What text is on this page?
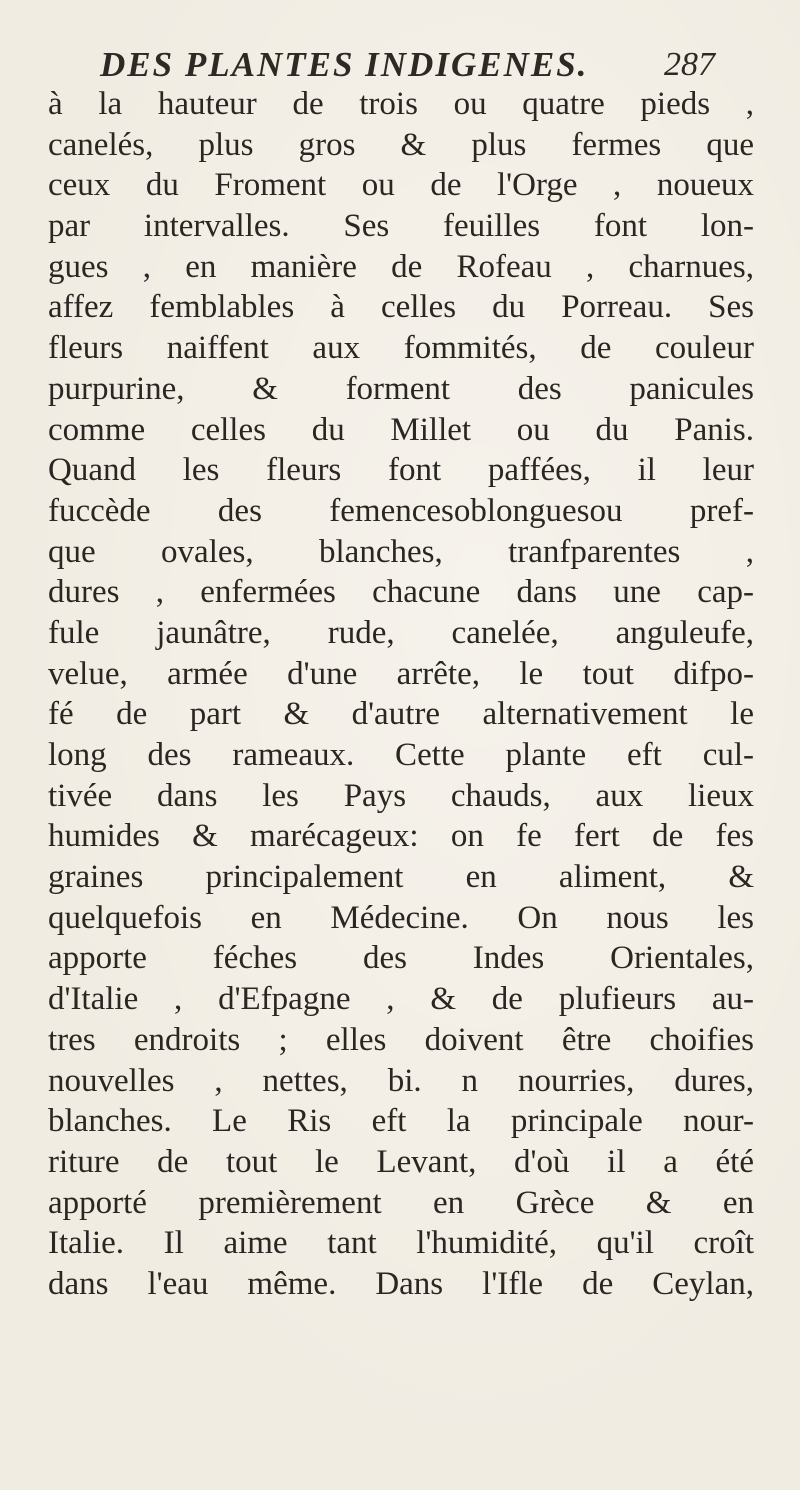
DES PLANTES INDIGENES. 287
à la hauteur de trois ou quatre pieds ,
canelés, plus gros & plus fermes que
ceux du Froment ou de l'Orge , noueux
par intervalles. Ses feuilles font lon-
gues , en manière de Rofeau , charnues,
affez femblables à celles du Porreau. Ses
fleurs naiffent aux fommités, de couleur
purpurine, & forment des panicules
comme celles du Millet ou du Panis.
Quand les fleurs font paffées, il leur
fuccède des femencesoblonguesou pref-
que ovales, blanches, tranfparentes ,
dures , enfermées chacune dans une cap-
fule jaunâtre, rude, canelée, anguleufe,
velue, armée d'une arrête, le tout difpo-
fé de part & d'autre alternativement le
long des rameaux. Cette plante eft cul-
tivée dans les Pays chauds, aux lieux
humides & marécageux: on fe fert de fes
graines principalement en aliment, &
quelquefois en Médecine. On nous les
apporte féches des Indes Orientales,
d'Italie , d'Efpagne , & de plufieurs au-
tres endroits ; elles doivent être choifies
nouvelles , nettes, bi. n nourries, dures,
blanches. Le Ris eft la principale nour-
riture de tout le Levant, d'où il a été
apporté premièrement en Grèce & en
Italie. Il aime tant l'humidité, qu'il croît
dans l'eau même. Dans l'Ifle de Ceylan,
